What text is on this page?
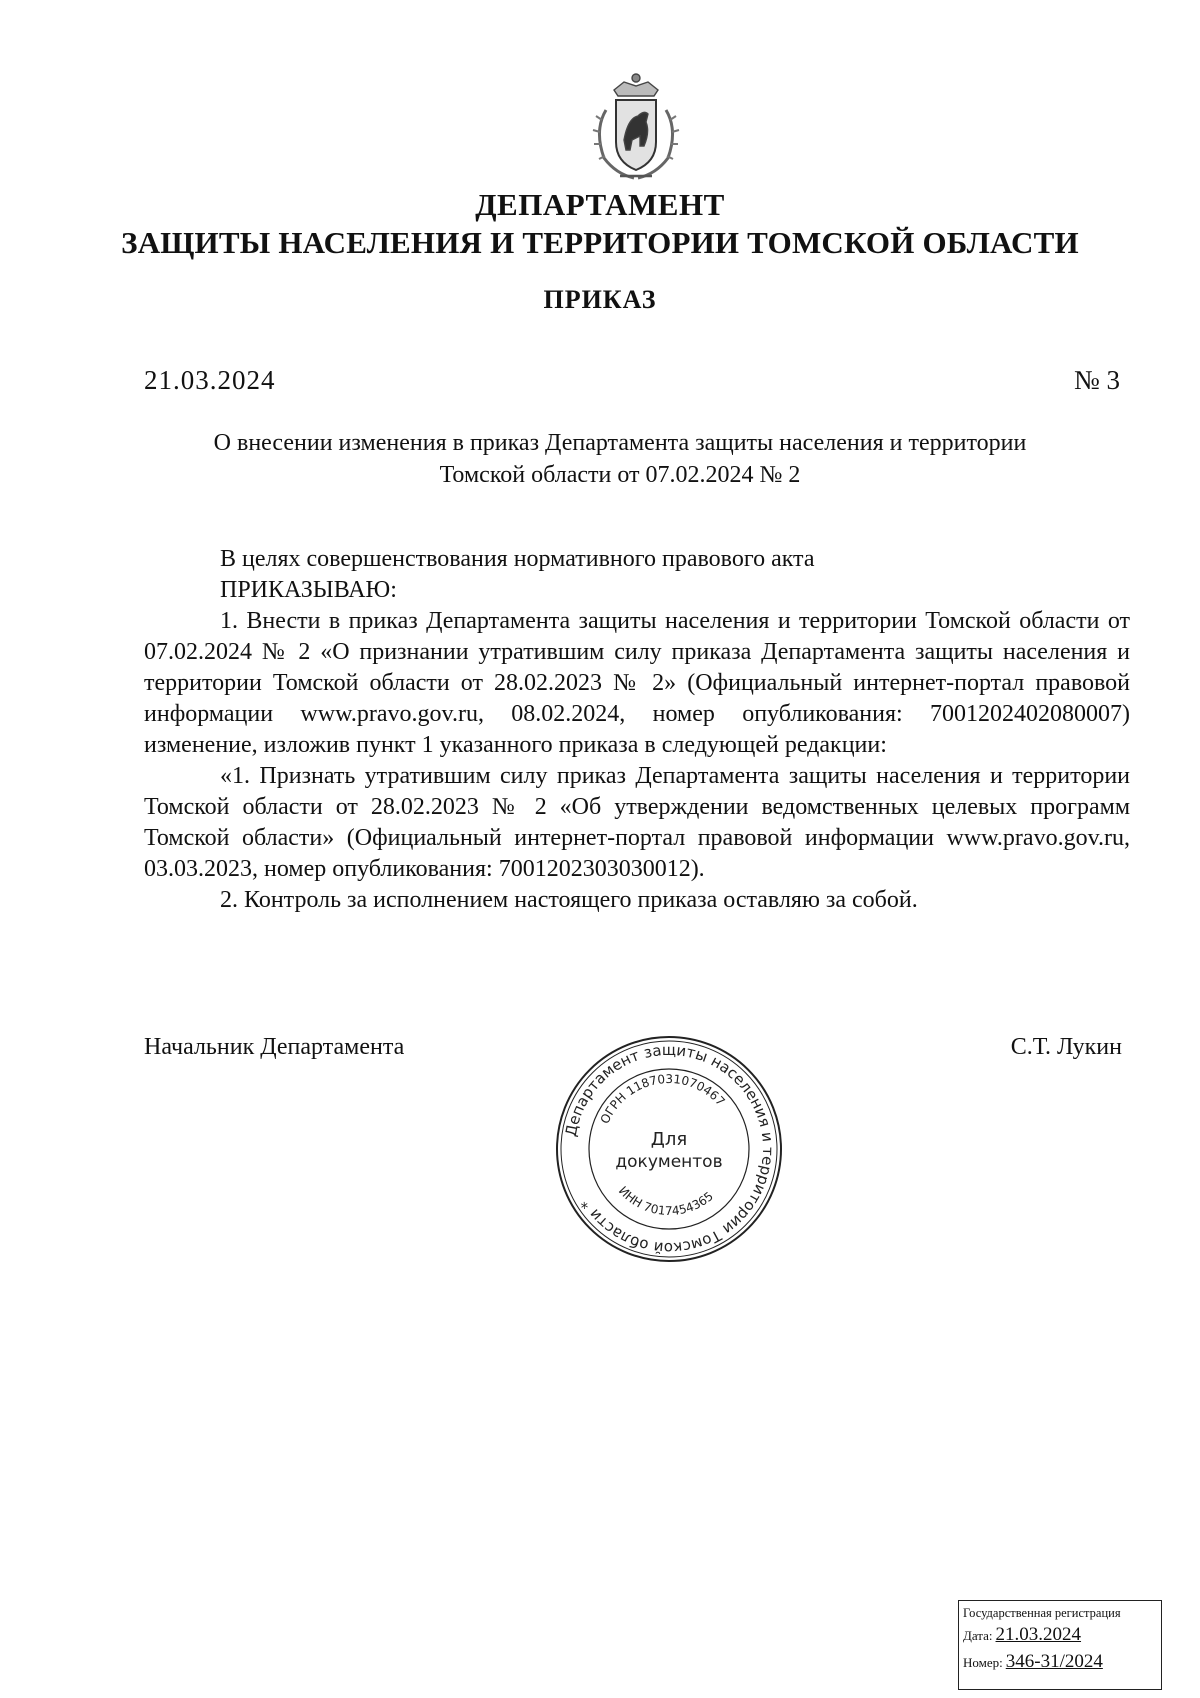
ДЕПАРТАМЕНТ
ЗАЩИТЫ НАСЕЛЕНИЯ И ТЕРРИТОРИИ ТОМСКОЙ ОБЛАСТИ
ПРИКАЗ
21.03.2024	№ 3
О внесении изменения в приказ Департамента защиты населения и территории
Томской области от 07.02.2024 № 2

В целях совершенствования нормативного правового акта

ПРИКАЗЫВАЮ:

1. Внести в приказ Департамента защиты населения и территории Томской области от 07.02.2024 № 2 «О признании утратившим силу приказа Департамента защиты населения и территории Томской области от 28.02.2023 № 2» (Официальный интернет-портал правовой информации www.pravo.gov.ru, 08.02.2024, номер опубликования: 7001202402080007) изменение, изложив пункт 1 указанного приказа в следующей редакции:

«1. Признать утратившим силу приказ Департамента защиты населения и территории Томской области от 28.02.2023 № 2 «Об утверждении ведомственных целевых программ Томской области» (Официальный интернет-портал правовой информации www.pravo.gov.ru, 03.03.2023, номер опубликования: 7001202303030012).

2. Контроль за исполнением настоящего приказа оставляю за собой.

Начальник Департамента	С.Т. Лукин
Департамент защиты населения и территории Томской области *
ОГРН 1187031070467
ИНН 7017454365
Для
документов
Государственная регистрация
Дата: 21.03.2024
Номер: 346-31/2024
